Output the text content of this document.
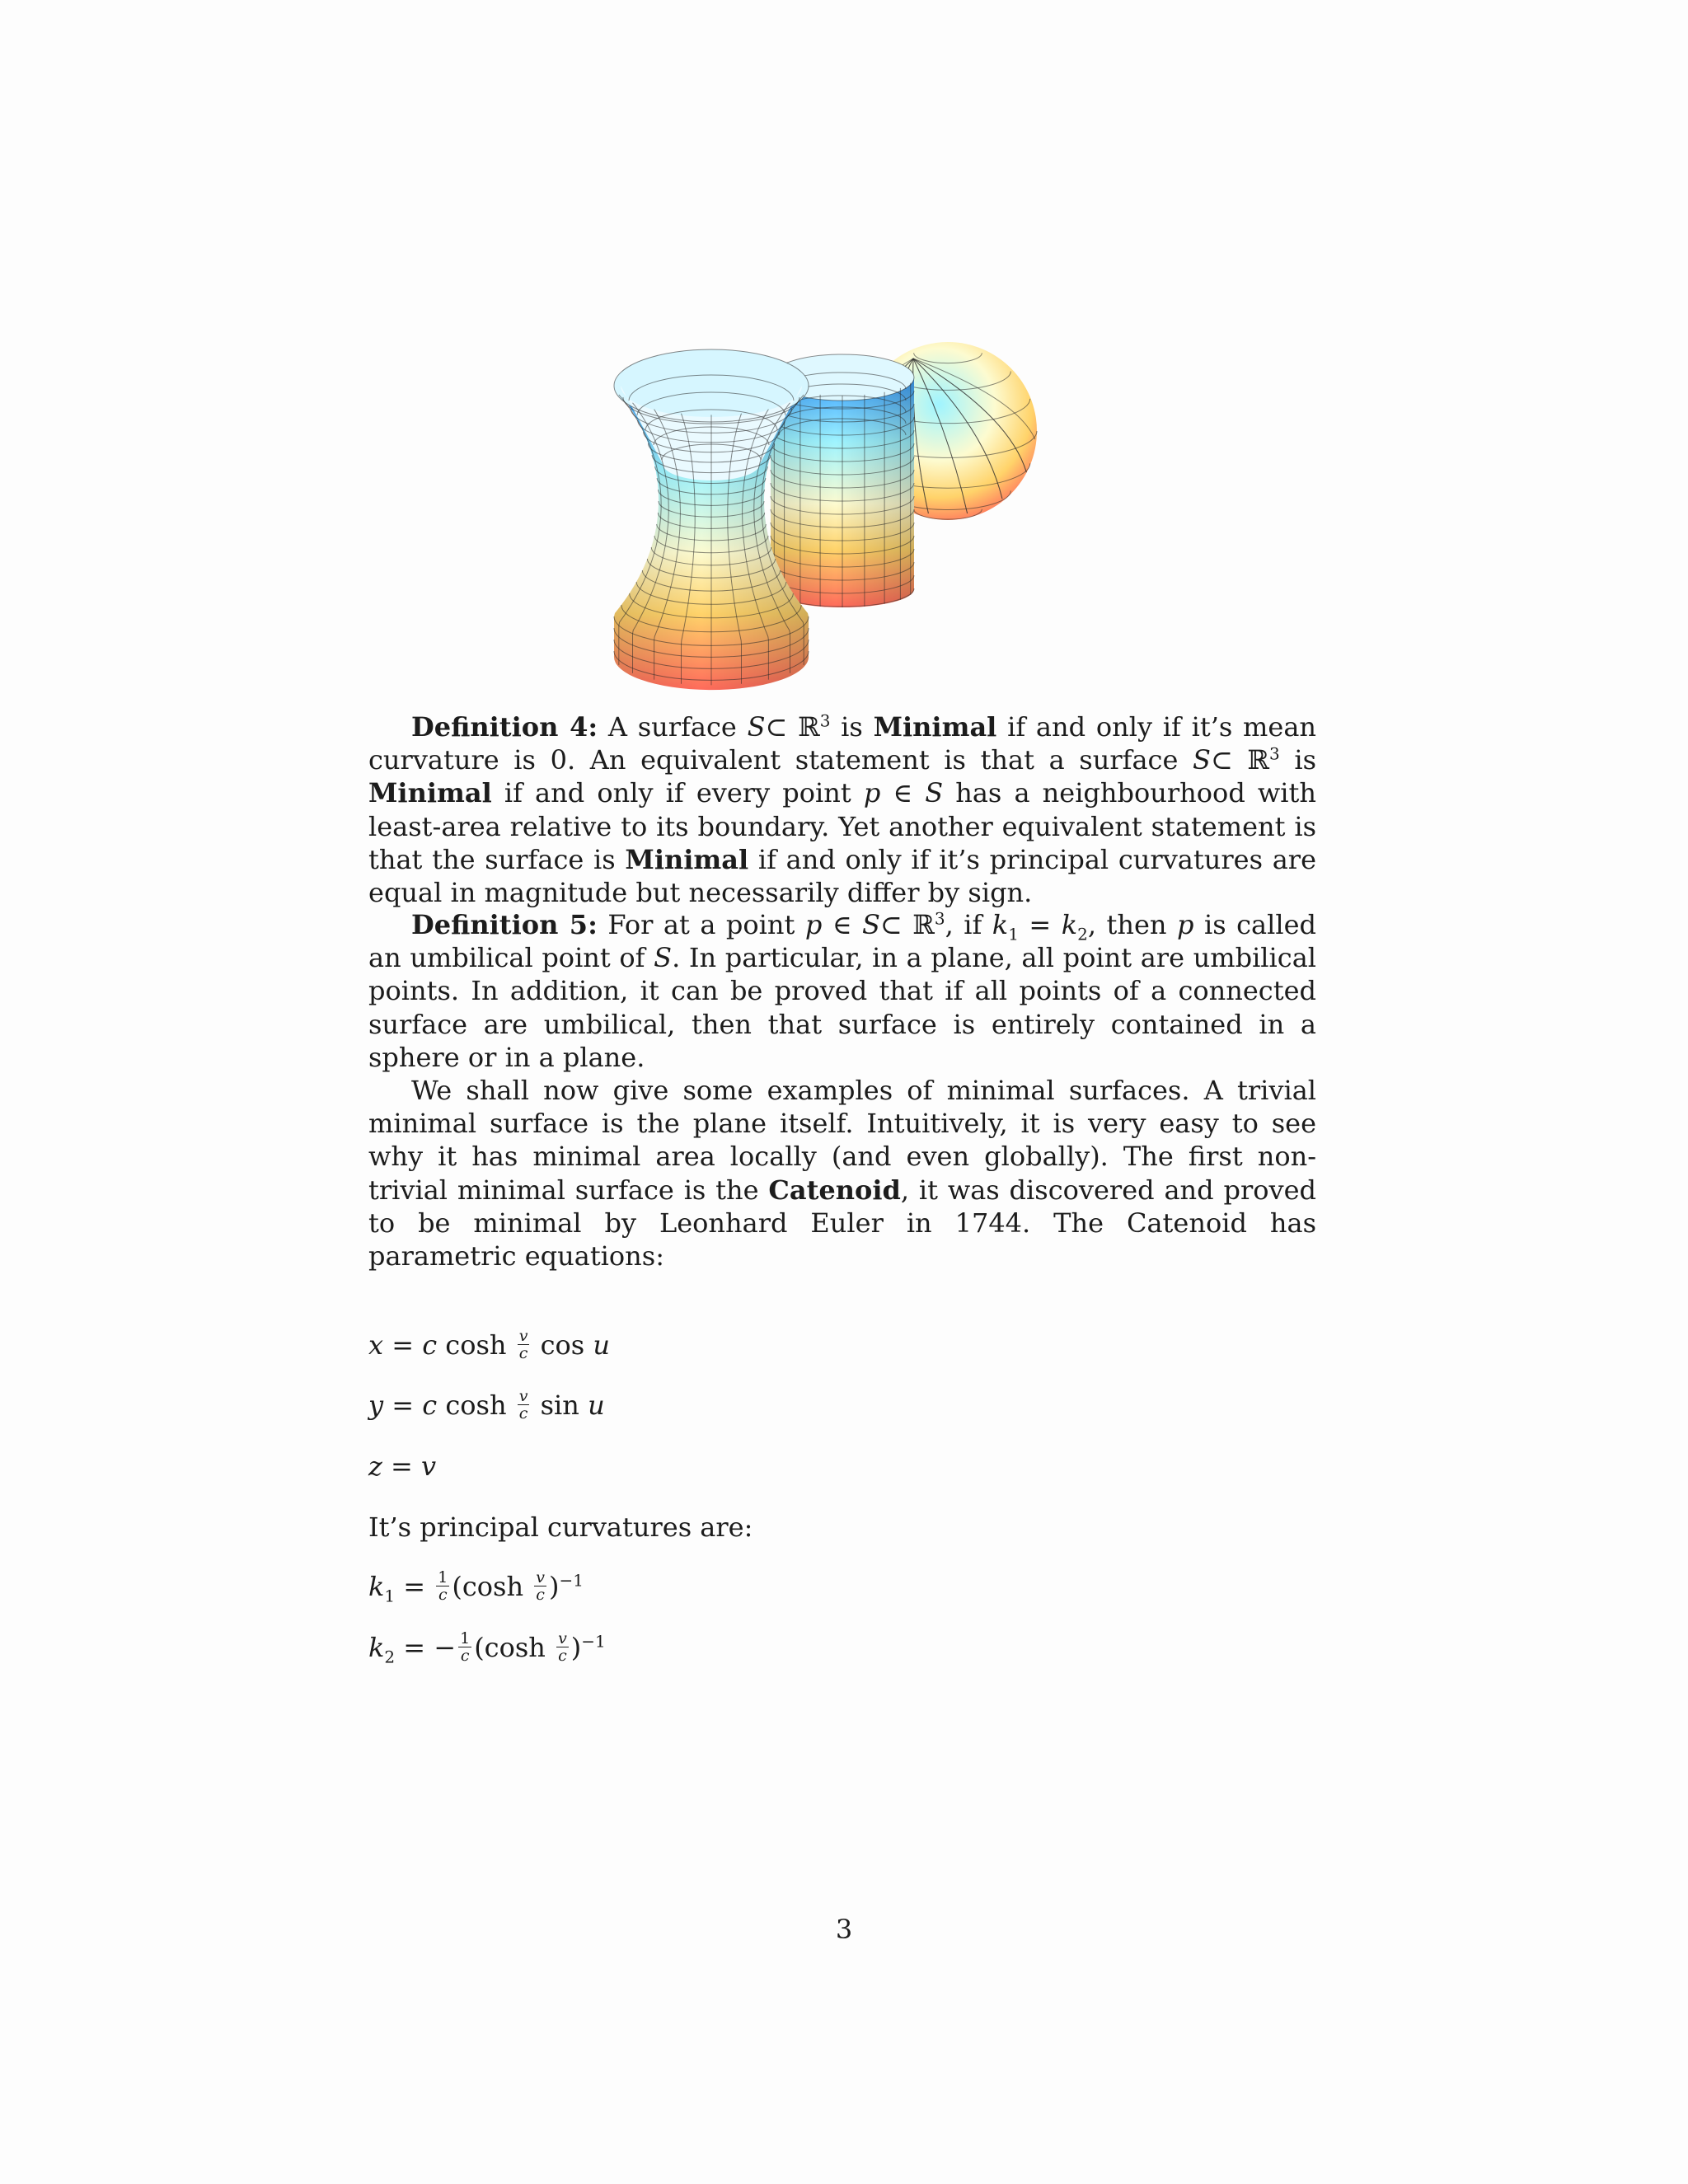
Definition 4: A surface S⊂ ℝ$^3$ is Minimal if and only if it’s mean curvature is 0. An equivalent statement is that a surface S⊂ ℝ$^3$ is Minimal if and only if every point p ∈ S has a neighbourhood with least-area relative to its boundary. Yet another equivalent statement is that the surface is Minimal if and only if it’s principal curvatures are equal in magnitude but necessarily differ by sign.

Definition 5: For at a point p ∈ S⊂ ℝ$^3$, if $k_1 = k_2$, then p is called an umbilical point of S. In particular, in a plane, all point are umbilical points. In addition, it can be proved that if all points of a connected surface are umbilical, then that surface is entirely contained in a sphere or in a plane.

We shall now give some examples of minimal surfaces. A trivial minimal surface is the plane itself. Intuitively, it is very easy to see why it has minimal area locally (and even globally). The first non-trivial minimal surface is the Catenoid, it was discovered and proved to be minimal by Leonhard Euler in 1744. The Catenoid has parametric equations:

x = c $\cosh \frac{v}{c}$ cos u
y = c $\cosh \frac{v}{c}$ sin u
z = v
It’s principal curvatures are:
$k_1 = \frac{1}{c} (\cosh \frac{v}{c} )^{-1}$
$k_2$ = − $\frac{1}{c} (\cosh \frac{v}{c} )^{-1}$
3
